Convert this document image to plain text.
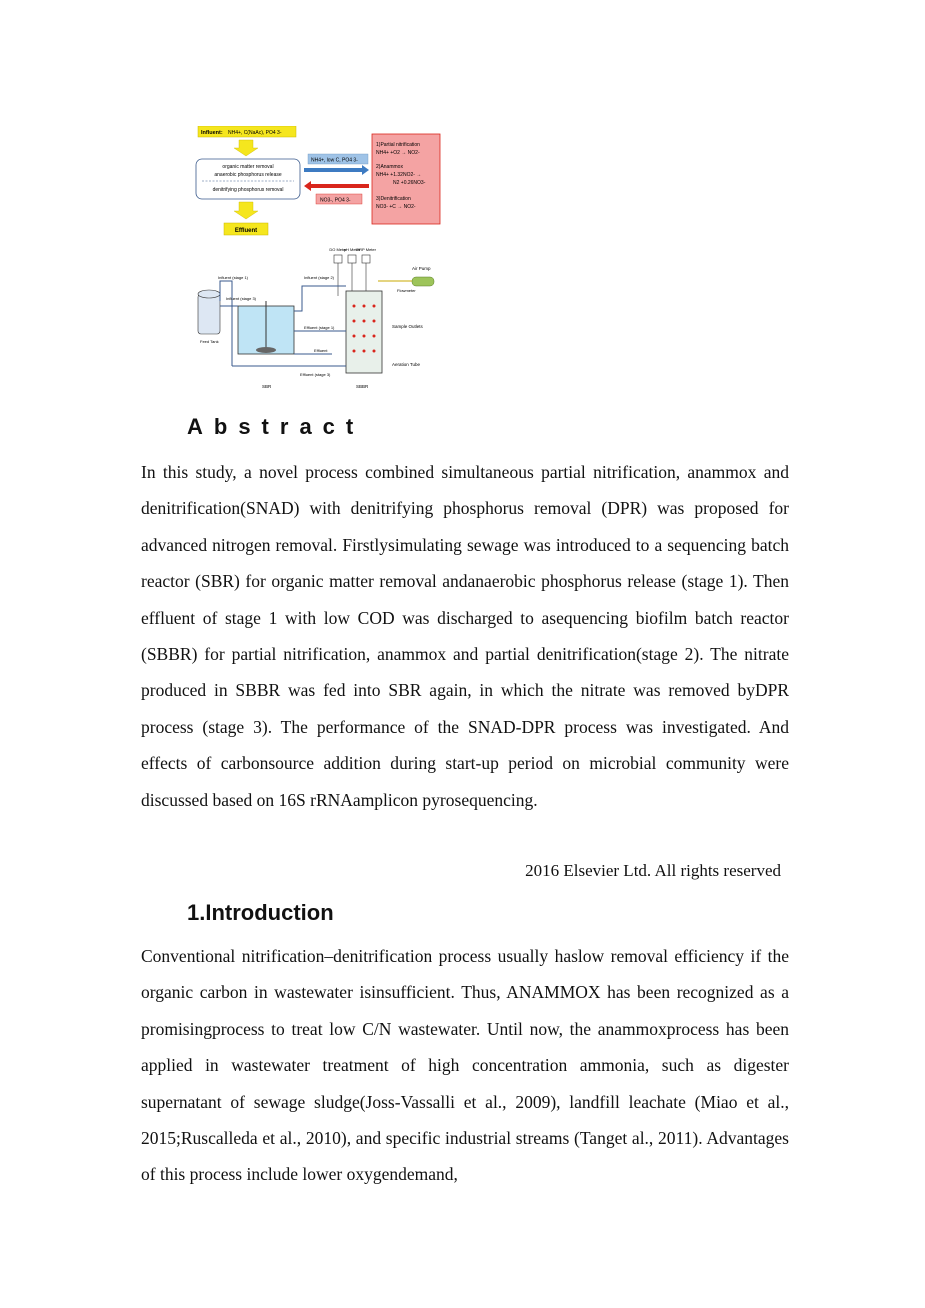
Influent: NH4+, C(NaAc), PO4 3-
organic matter removal
anaerobic phosphorus release
denitrifying phosphorus removal
Effluent
NH4+, low C, PO4 3-
NO3-, PO4 3-
1)Partial nitrification
NH4+ +O2 → NO2-
2)Anammox
NH4+ +1.32NO2- →
N2 +0.26NO3-
3)Denitrification
NO3- +C → NO2-
DO Meter
pH Meter
ORP Meter
Air Pump
Flowmeter
Sample Outlets
Aeration Tube
Feed Tank
Influent (stage 1)	Influent (stage 2)
Influent (stage 3)
Effluent (stage 1)
Effluent
Effluent (stage 3)
SBR	SBBR
Abstract

In this study, a novel process combined simultaneous partial nitrification, anammox and denitrification(SNAD) with denitrifying phosphorus removal (DPR) was proposed for advanced nitrogen removal. Firstlysimulating sewage was introduced to a sequencing batch reactor (SBR) for organic matter removal andanaerobic phosphorus release (stage 1). Then effluent of stage 1 with low COD was discharged to asequencing biofilm batch reactor (SBBR) for partial nitrification, anammox and partial denitrification(stage 2). The nitrate produced in SBBR was fed into SBR again, in which the nitrate was removed byDPR process (stage 3). The performance of the SNAD-DPR process was investigated. And effects of carbonsource addition during start-up period on microbial community were discussed based on 16S rRNAamplicon pyrosequencing.

2016 Elsevier Ltd. All rights reserved
1.Introduction

Conventional nitrification–denitrification process usually haslow removal efficiency if the organic carbon in wastewater isinsufficient. Thus, ANAMMOX has been recognized as a promisingprocess to treat low C/N wastewater. Until now, the anammoxprocess has been applied in wastewater treatment of high concentration ammonia, such as digester supernatant of sewage sludge(Joss-Vassalli et al., 2009), landfill leachate (Miao et al., 2015;Ruscalleda et al., 2010), and specific industrial streams (Tanget al., 2011). Advantages of this process include lower oxygendemand,
